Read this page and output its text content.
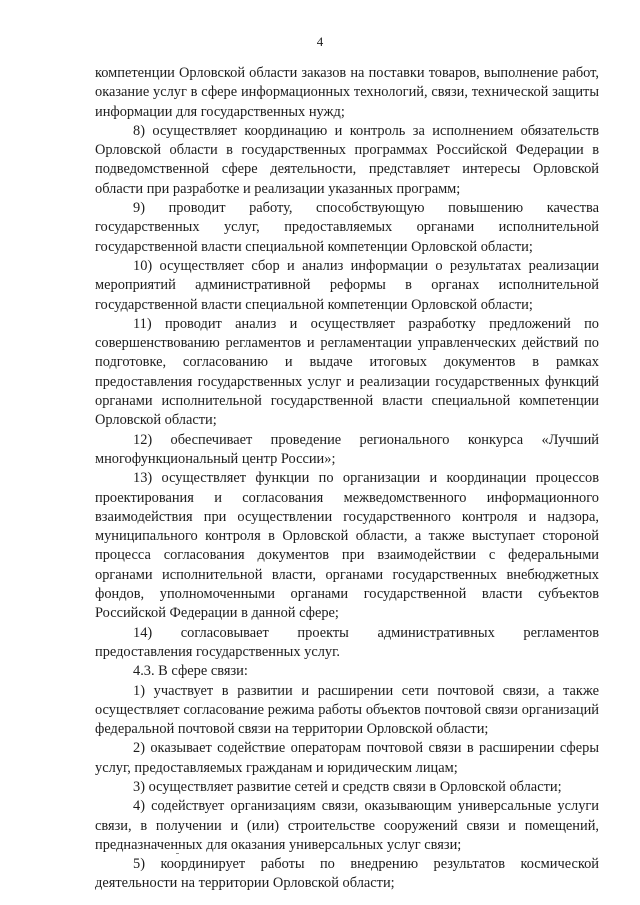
4

компетенции Орловской области заказов на поставки товаров, выполнение работ, оказание услуг в сфере информационных технологий, связи, технической защиты информации для государственных нужд;

8) осуществляет координацию и контроль за исполнением обязательств Орловской области в государственных программах Российской Федерации в подведомственной сфере деятельности, представляет интересы Орловской области при разработке и реализации указанных программ;

9) проводит работу, способствующую повышению качества государственных услуг, предоставляемых органами исполнительной государственной власти специальной компетенции Орловской области;

10) осуществляет сбор и анализ информации о результатах реализации мероприятий административной реформы в органах исполнительной государственной власти специальной компетенции Орловской области;

11) проводит анализ и осуществляет разработку предложений по совершенствованию регламентов и регламентации управленческих действий по подготовке, согласованию и выдаче итоговых документов в рамках предоставления государственных услуг и реализации государственных функций органами исполнительной государственной власти специальной компетенции Орловской области;

12) обеспечивает проведение регионального конкурса «Лучший многофункциональный центр России»;

13) осуществляет функции по организации и координации процессов проектирования и согласования межведомственного информационного взаимодействия при осуществлении государственного контроля и надзора, муниципального контроля в Орловской области, а также выступает стороной процесса согласования документов при взаимодействии с федеральными органами исполнительной власти, органами государственных внебюджетных фондов, уполномоченными органами государственной власти субъектов Российской Федерации в данной сфере;

14) согласовывает проекты административных регламентов предоставления государственных услуг.

4.3. В сфере связи:

1) участвует в развитии и расширении сети почтовой связи, а также осуществляет согласование режима работы объектов почтовой связи организаций федеральной почтовой связи на территории Орловской области;

2) оказывает содействие операторам почтовой связи в расширении сферы услуг, предоставляемых гражданам и юридическим лицам;

3) осуществляет развитие сетей и средств связи в Орловской области;

4) содействует организациям связи, оказывающим универсальные услуги связи, в получении и (или) строительстве сооружений связи и помещений, предназначенных для оказания универсальных услуг связи;

5) координирует работы по внедрению результатов космической деятельности на территории Орловской области;
